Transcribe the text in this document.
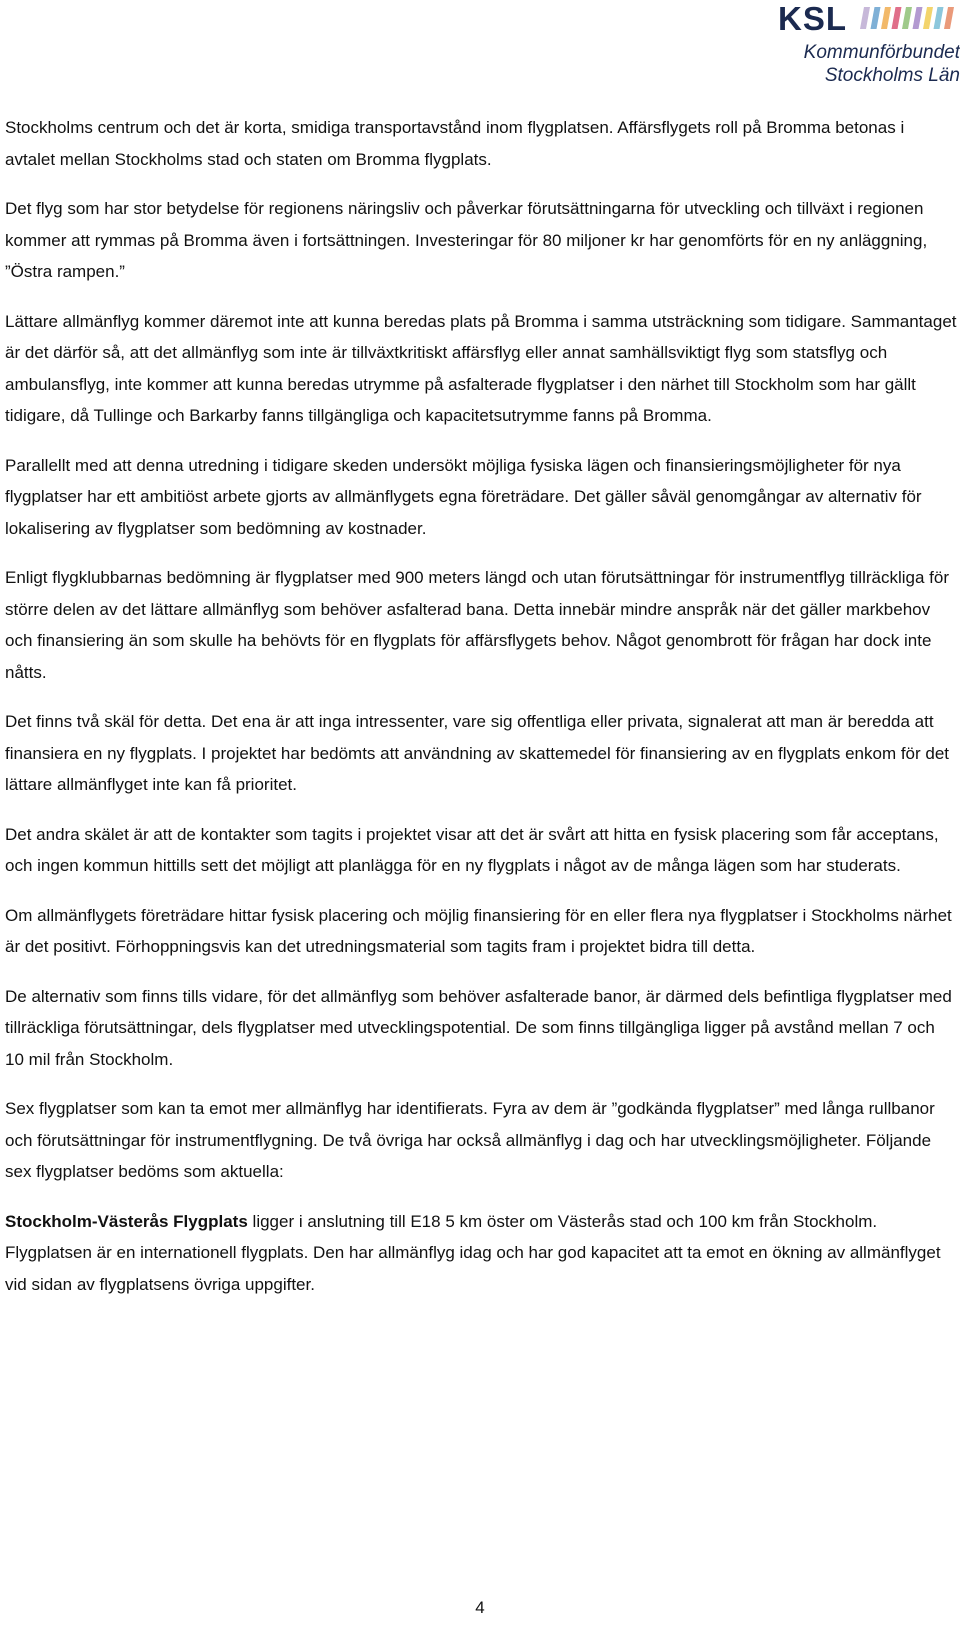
KSL
Kommunförbundet
Stockholms Län

Stockholms centrum och det är korta, smidiga transportavstånd inom flygplatsen. Affärsflygets roll på Bromma betonas i avtalet mellan Stockholms stad och staten om Bromma flygplats.

Det flyg som har stor betydelse för regionens näringsliv och påverkar förutsättningarna för utveckling och tillväxt i regionen kommer att rymmas på Bromma även i fortsättningen. Investeringar för 80 miljoner kr har genomförts för en ny anläggning, ”Östra rampen.”

Lättare allmänflyg kommer däremot inte att kunna beredas plats på Bromma i samma utsträckning som tidigare. Sammantaget är det därför så, att det allmänflyg som inte är tillväxtkritiskt affärsflyg eller annat samhällsviktigt flyg som statsflyg och ambulansflyg, inte kommer att kunna beredas utrymme på asfalterade flygplatser i den närhet till Stockholm som har gällt tidigare, då Tullinge och Barkarby fanns tillgängliga och kapacitetsutrymme fanns på Bromma.

Parallellt med att denna utredning i tidigare skeden undersökt möjliga fysiska lägen och finansieringsmöjligheter för nya flygplatser har ett ambitiöst arbete gjorts av allmänflygets egna företrädare. Det gäller såväl genomgångar av alternativ för lokalisering av flygplatser som bedömning av kostnader.

Enligt flygklubbarnas bedömning är flygplatser med 900 meters längd och utan förutsättningar för instrumentflyg tillräckliga för större delen av det lättare allmänflyg som behöver asfalterad bana. Detta innebär mindre anspråk när det gäller markbehov och finansiering än som skulle ha behövts för en flygplats för affärsflygets behov. Något genombrott för frågan har dock inte nåtts.

Det finns två skäl för detta. Det ena är att inga intressenter, vare sig offentliga eller privata, signalerat att man är beredda att finansiera en ny flygplats. I projektet har bedömts att användning av skattemedel för finansiering av en flygplats enkom för det lättare allmänflyget inte kan få prioritet.

Det andra skälet är att de kontakter som tagits i projektet visar att det är svårt att hitta en fysisk placering som får acceptans, och ingen kommun hittills sett det möjligt att planlägga för en ny flygplats i något av de många lägen som har studerats.

Om allmänflygets företrädare hittar fysisk placering och möjlig finansiering för en eller flera nya flygplatser i Stockholms närhet är det positivt. Förhoppningsvis kan det utredningsmaterial som tagits fram i projektet bidra till detta.

De alternativ som finns tills vidare, för det allmänflyg som behöver asfalterade banor, är därmed dels befintliga flygplatser med tillräckliga förutsättningar, dels flygplatser med utvecklingspotential. De som finns tillgängliga ligger på avstånd mellan 7 och 10 mil från Stockholm.

Sex flygplatser som kan ta emot mer allmänflyg har identifierats. Fyra av dem är ”godkända flygplatser” med långa rullbanor och förutsättningar för instrumentflygning. De två övriga har också allmänflyg i dag och har utvecklingsmöjligheter. Följande sex flygplatser bedöms som aktuella:

Stockholm-Västerås Flygplats ligger i anslutning till E18 5 km öster om Västerås stad och 100 km från Stockholm. Flygplatsen är en internationell flygplats. Den har allmänflyg idag och har god kapacitet att ta emot en ökning av allmänflyget vid sidan av flygplatsens övriga uppgifter.

4
